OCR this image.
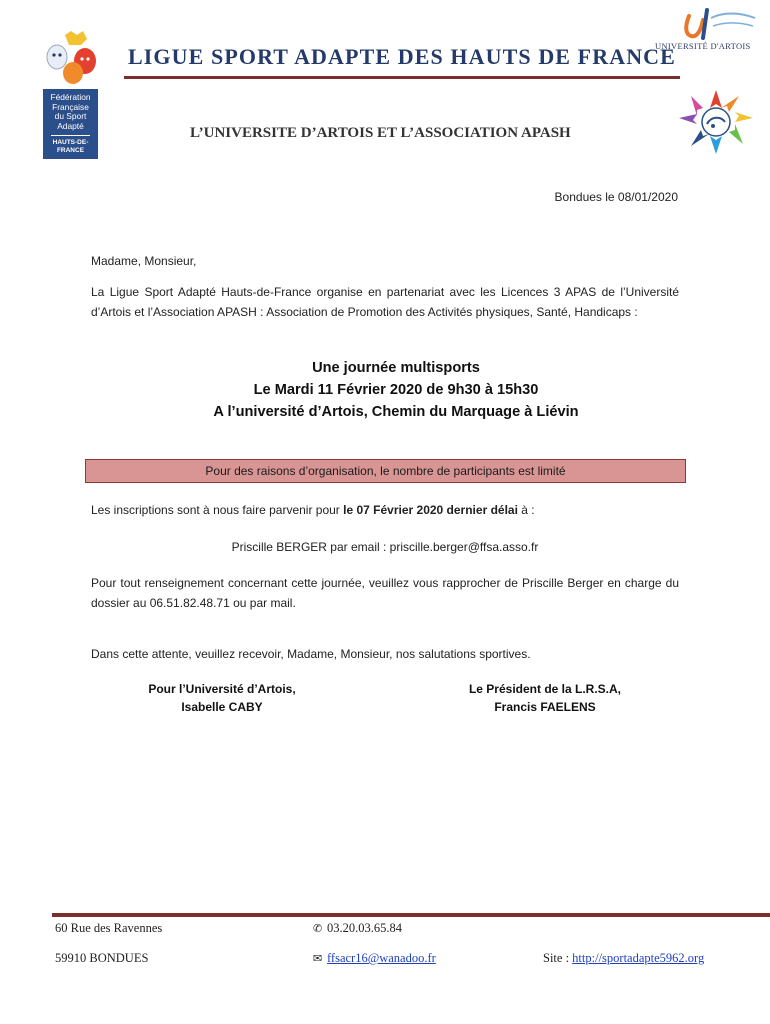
Fédération
Française
du Sport
Adapté
HAUTS-DE-
FRANCE
LIGUE SPORT ADAPTE DES HAUTS DE FRANCE
UNIVERSITÉ D'ARTOIS
L’UNIVERSITE D’ARTOIS ET L’ASSOCIATION APASH
Bondues le 08/01/2020
Madame, Monsieur,
La Ligue Sport Adapté Hauts-de-France organise en partenariat avec les Licences 3 APAS de l’Université d’Artois et l’Association APASH : Association de Promotion des Activités physiques, Santé, Handicaps :
Une journée multisports
Le Mardi 11 Février 2020 de 9h30 à 15h30
A l’université d’Artois, Chemin du Marquage à Liévin
Pour des raisons d’organisation, le nombre de participants est limité
Les inscriptions sont à nous faire parvenir pour le 07 Février 2020 dernier délai à :
Priscille BERGER par email : priscille.berger@ffsa.asso.fr
Pour tout renseignement concernant cette journée, veuillez vous rapprocher de Priscille Berger en charge du dossier au 06.51.82.48.71 ou par mail.
Dans cette attente, veuillez recevoir, Madame, Monsieur, nos salutations sportives.
Pour l’Université d’Artois,
Isabelle CABY
Le Président de la L.R.S.A,
Francis FAELENS
60 Rue des Ravennes
59910 BONDUES
✆ 03.20.03.65.84
✉ ffsacr16@wanadoo.fr	Site : http://sportadapte5962.org
